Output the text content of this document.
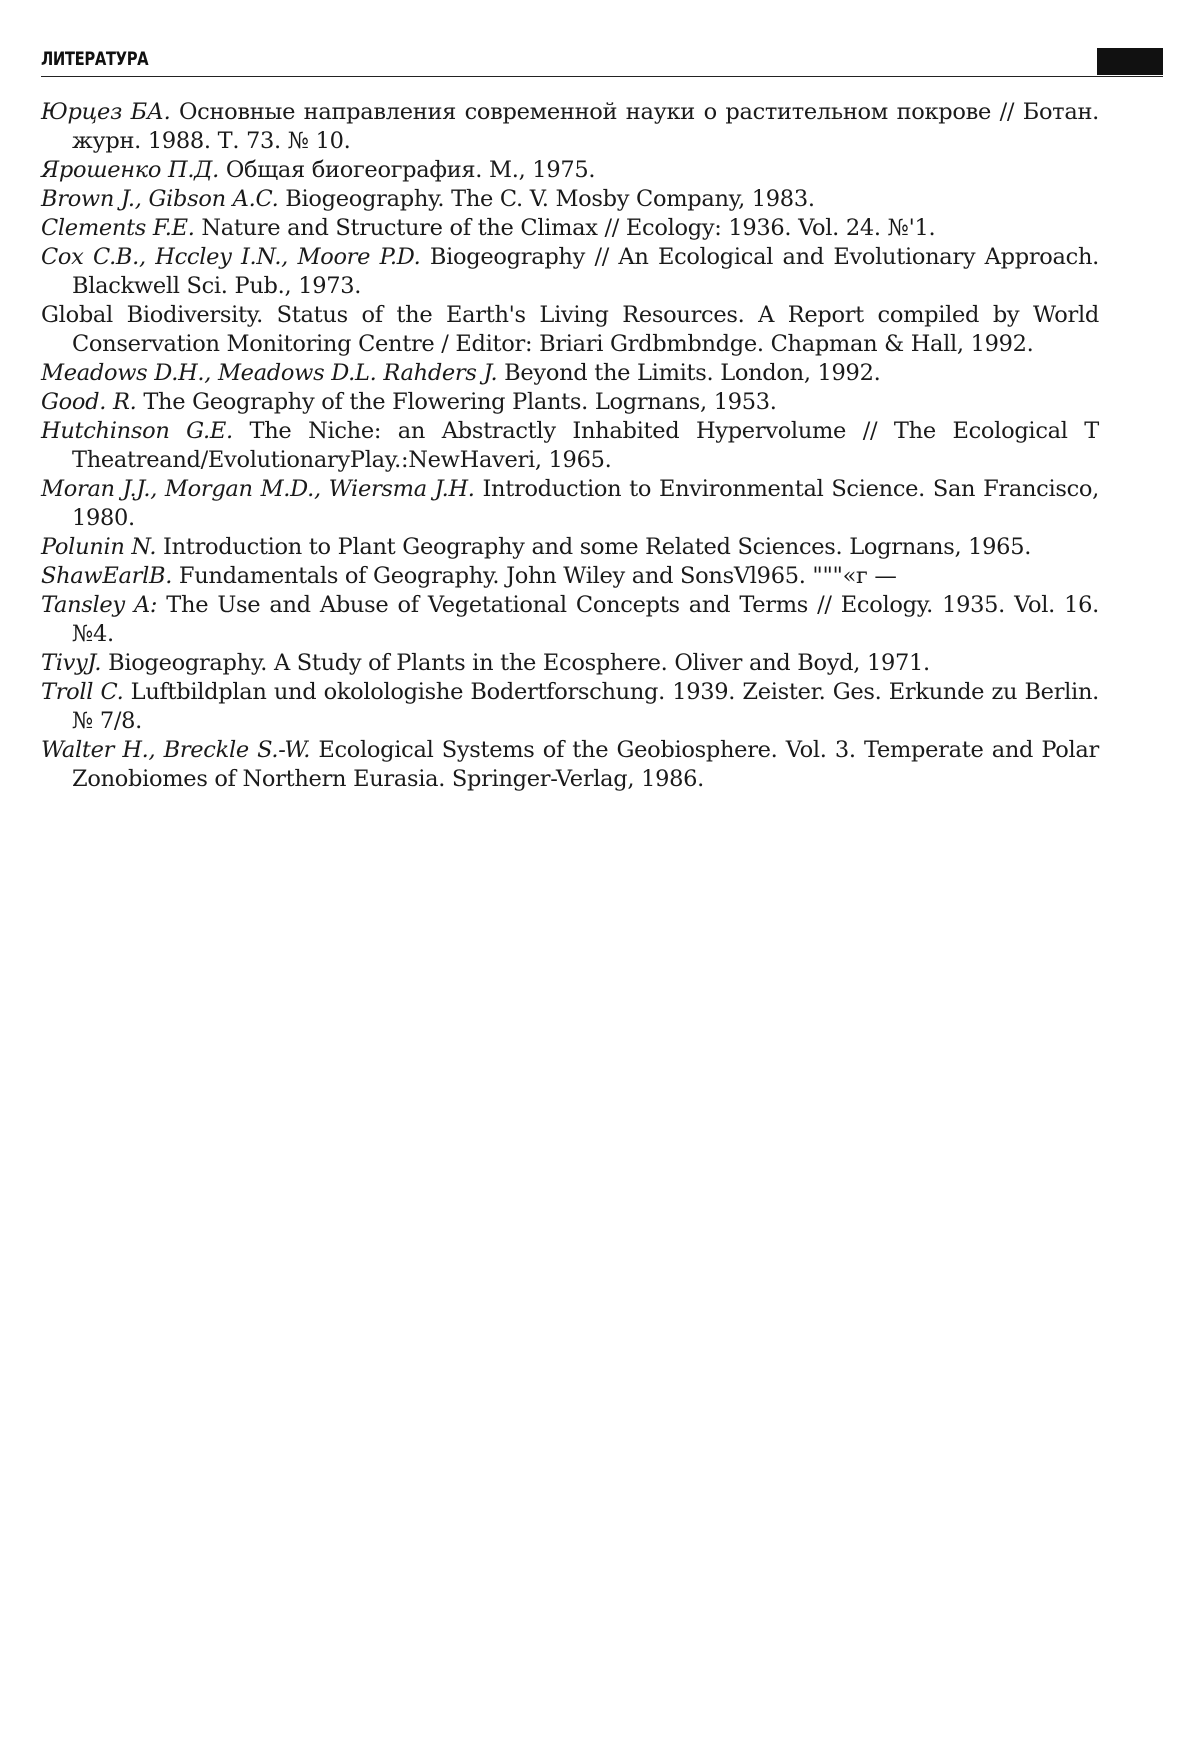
ЛИТЕРАТУРА
Юрцез БА. Основные направления современной науки о растительном покрове // Ботан. журн. 1988. Т. 73. № 10.
Ярошенко П.Д. Общая биогеография. М., 1975.
Brown J., Gibson A.C. Biogeography. The C. V. Mosby Company, 1983.
Clements F.E. Nature and Structure of the Climax // Ecology: 1936. Vol. 24. №'1.
Cox C.B., Hccley I.N., Moore P.D. Biogeography // An Ecological and Evolutionary Approach. Blackwell Sci. Pub., 1973.
Global Biodiversity. Status of the Earth's Living Resources. A Report compiled by World Conservation Monitoring Centre / Editor: Briari Grdbmbndge. Chapman & Hall, 1992.
Meadows D.H., Meadows D.L. Rahders J. Beyond the Limits. London, 1992.
Good. R. The Geography of the Flowering Plants. Logrnans, 1953.
Hutchinson G.E. The Niche: an Abstractly Inhabited Hypervolume // The Ecological T Theatreand/EvolutionaryPlay.:NewHaveri, 1965.
Moran J.J., Morgan M.D., Wiersma J.H. Introduction to Environmental Science. San Francisco, 1980.
Polunin N. Introduction to Plant Geography and some Related Sciences. Logrnans, 1965.
ShawEarlB. Fundamentals of Geography. John Wiley and SonsVl965. """«г —
Tansley A: The Use and Abuse of Vegetational Concepts and Terms // Ecology. 1935. Vol. 16. №4.
TivyJ. Biogeography. A Study of Plants in the Ecosphere. Oliver and Boyd, 1971.
Troll C. Luftbildplan und okolologishe Bodertforschung. 1939. Zeister. Ges. Erkunde zu Berlin. № 7/8.
Walter H., Breckle S.-W. Ecological Systems of the Geobiosphere. Vol. 3. Temperate and Polar Zonobiomes of Northern Eurasia. Springer-Verlag, 1986.
